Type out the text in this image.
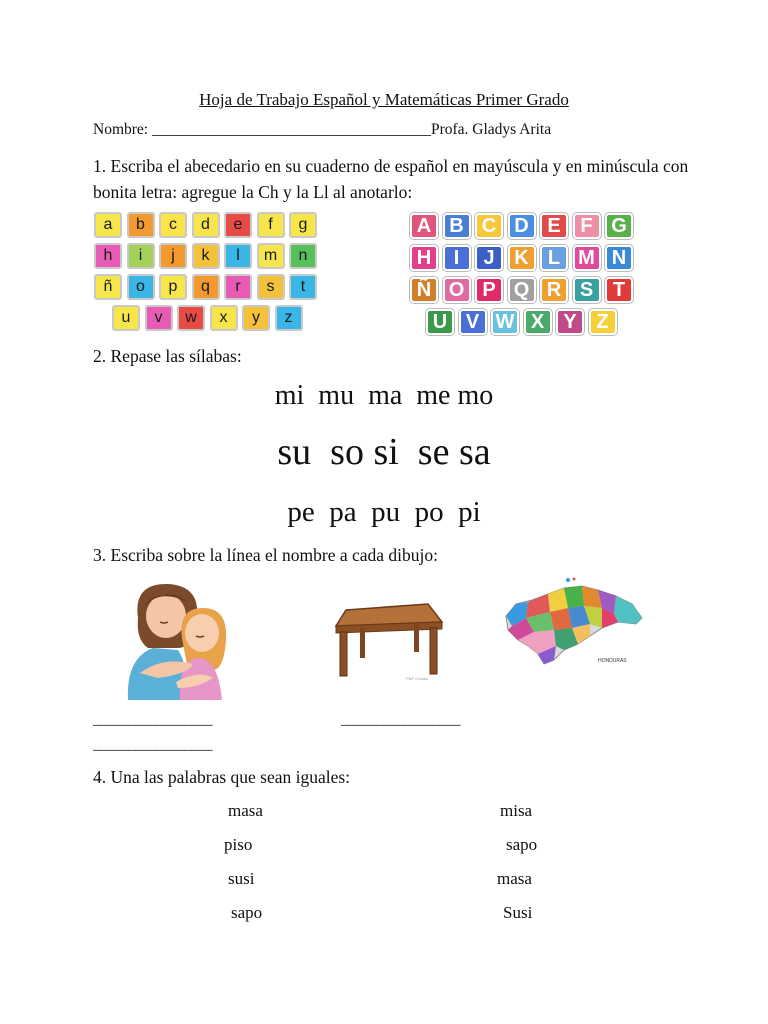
Hoja de Trabajo Español y Matemáticas Primer Grado
Nombre: ____________________________________Profa. Gladys Arita
1. Escriba el abecedario en su cuaderno de español en mayúscula y en minúscula con bonita letra: agregue la Ch y la Ll al anotarlo:
a	b	c	d	e	f	g
h	i	j	k	l	m	n
ñ	o	p	q	r	s	t
u	v	w	x	y	z
A B C D E F G
H	I	J K L M N
Ñ O P Q R S T
U V W X Y Z
2. Repase las sílabas:
mi  mu  ma  me mo
su  so si  se sa
pe  pa  pu  po  pi
3. Escriba sobre la línea el nombre a cada dibujo:
PDF Creator
HONDURAS
_________________	_________________
_________________
4. Una las palabras que sean iguales:
masa
piso
susi
sapo
misa
sapo
masa
Susi
